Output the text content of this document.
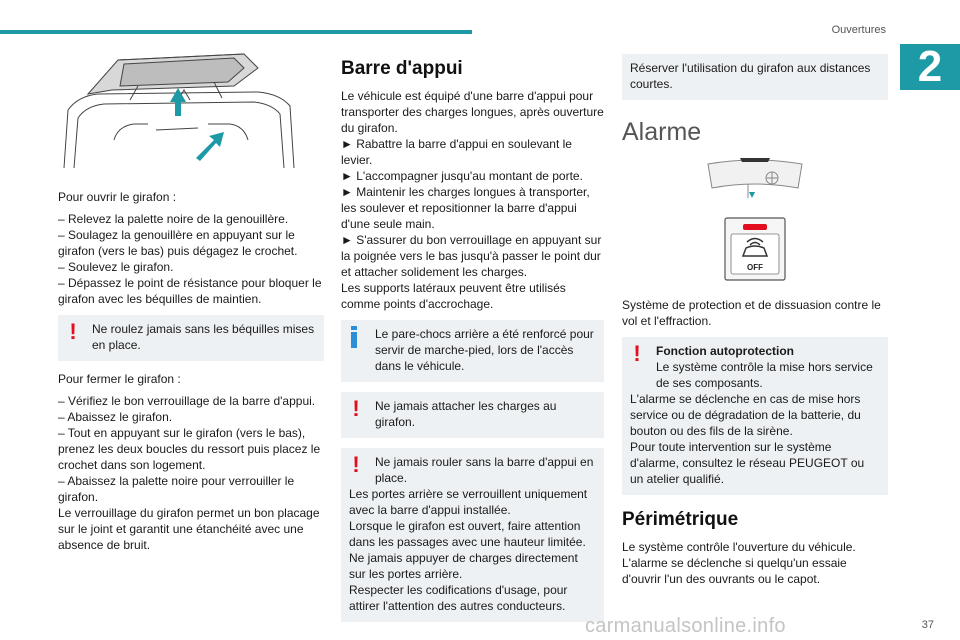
Ouvertures
2

Pour ouvrir le girafon :

– Relevez la palette noire de la genouillère.

– Soulagez la genouillère en appuyant sur le girafon (vers le bas) puis dégagez le crochet.

– Soulevez le girafon.

– Dépassez le point de résistance pour bloquer le girafon avec les béquilles de maintien.

!	Ne roulez jamais sans les béquilles mises en place.

Pour fermer le girafon :

– Vérifiez le bon verrouillage de la barre d'appui.

– Abaissez le girafon.

– Tout en appuyant sur le girafon (vers le bas), prenez les deux boucles du ressort puis placez le crochet dans son logement.

– Abaissez la palette noire pour verrouiller le girafon.

Le verrouillage du girafon permet un bon placage sur le joint et garantit une étanchéité avec une absence de bruit.

Barre d'appui

Le véhicule est équipé d'une barre d'appui pour transporter des charges longues, après ouverture du girafon.

► Rabattre la barre d'appui en soulevant le levier.

► L'accompagner jusqu'au montant de porte.

► Maintenir les charges longues à transporter, les soulever et repositionner la barre d'appui d'une seule main.

► S'assurer du bon verrouillage en appuyant sur la poignée vers le bas jusqu'à passer le point dur et attacher solidement les charges.

Les supports latéraux peuvent être utilisés comme points d'accrochage.

Le pare-chocs arrière a été renforcé pour servir de marche-pied, lors de l'accès dans le véhicule.

!	Ne jamais attacher les charges au girafon.

!	Ne jamais rouler sans la barre d'appui en place.

Les portes arrière se verrouillent uniquement avec la barre d'appui installée.

Lorsque le girafon est ouvert, faire attention dans les passages avec une hauteur limitée.

Ne jamais appuyer de charges directement sur les portes arrière.

Respecter les codifications d'usage, pour attirer l'attention des autres conducteurs.

Réserver l'utilisation du girafon aux distances courtes.

Alarme
OFF

Système de protection et de dissuasion contre le vol et l'effraction.

!	Fonction autoprotection

Le système contrôle la mise hors service de ses composants.

L'alarme se déclenche en cas de mise hors service ou de dégradation de la batterie, du bouton ou des fils de la sirène.

Pour toute intervention sur le système d'alarme, consultez le réseau PEUGEOT ou un atelier qualifié.

Périmétrique

Le système contrôle l'ouverture du véhicule.

L'alarme se déclenche si quelqu'un essaie d'ouvrir l'un des ouvrants ou le capot.

carmanualsonline.info	37
